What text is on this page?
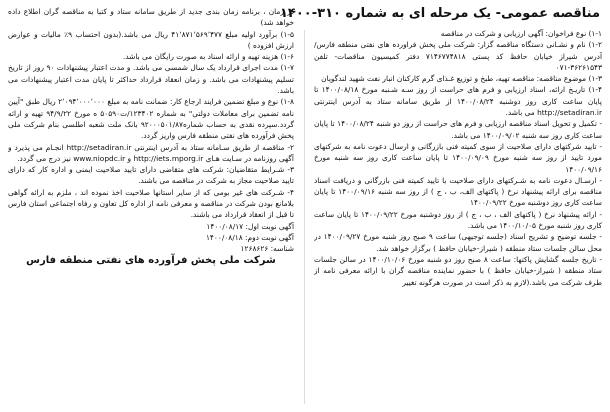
مناقصه عمومی- یک مرحله ای به شماره ۳۱۰-۱۴۰۰

۱-۱) نوع فراخوان: آگهی ارزیابی و شرکت در مناقصه

۱-۲) نام و نشـانی دستگاه مناقصه گزار: شرکت ملی پخش فراورده های نفتی منطقه فارس/آدرس شیراز خیابان حافظ کد پستی ۷۱۴۶۷۷۴۸۱۸ دفتر کمیسیون مناقصات- تلفن ۳۶۲۶۱۵۴۳-۰۷۱

۱-۳) موضوع مناقصه: مناقصه تهیه، طبخ و توزیع غـذای گرم کارکنان انبار نفت شهید لندگویان

۱-۴) تاریـخ ارائه، اسناد ارزیابی و فرم های حراست از روز سـه شـنبه مورخ ۱۴۰۰/۰۸/۱۸ تا پایان ساعت کاری روز دوشنبه ۱۴۰۰/۰۸/۲۴ از طریق سامانه ستاد به آدرس اینترنتی http://setadiran.ir می باشد.

- تکمیل و تحویل اسناد مناقصه ارزیابی و فرم های حراست از روز دو شنبه ۱۴۰۰/۰۸/۲۴ تا پایان ساعت کاری روز سه شنبه ۱۴۰۰/۰۹/۰۲ می باشد.

- تایید شرکتهای دارای صلاحیت از سوی کمیته فنی بازرگانی و ارسال دعوت نامه به شرکتهای مورد تایید از روز سه شنبه مورخ ۱۴۰۰/۰۹/۰۹ تا پایان ساعت کاری روز سه شنبه مورخ ۱۴۰۰/۰۹/۱۶

- ارسـال دعوت نامه به شـرکتهای دارای صلاحیت با تایید کمیته فنی بازرگانی و دریافت اسناد مناقصه برای ارائه پیشنهاد نرخ ( پاکتهای الف، ب ، ج ) از روز سه شنبه ۱۴۰۰/۰۹/۱۶ تا پایان ساعت کاری روز دوشنبه مورخ ۱۴۰۰/۰۹/۲۲

- ارائه پیشنهاد نرخ ( پاکتهای الف ، ب ، ج ) از روز دوشنبه مورخ ۱۴۰۰/۰۹/۲۲ تا پایان ساعت کاری روز شنبه مورخ ۱۴۰۰/۱۰/۰۵ می باشد.

- جلسه توضیح و تشریح اسناد (جلسه توجیهی) ساعت ۹ صبح روز شنبه مورخ ۱۴۰۰/۰۹/۲۷ در محل سالن جلسات ستاد منطقه ( شیراز-خیابان حافظ ) برگزار خواهد شد.

- تاریخ جلسه گشایش پاکتها: ساعت ۸ صبح روز دو شنبه مورخ ۱۴۰۰/۱۰/۰۶ در سالن جلسات ستاد منطقه ( شیراز-خیابان حافظ ) با حضور نماینده مناقصه گران با ارائه معرفی نامه از طرف شرکت می باشد.(لازم به ذکر است در صورت هرگونه تغییر

در زمان ، برنامه زمان بندی جدید از طریق سامانه ستاد و کتبا به مناقصه گران اطلاع داده خواهد شد)

۱-۵) برآورد اولیه مبلغ ۴۱٬۸۷۱٬۵۶۹٬۴۷۷ ریال می باشد.(بدون احتساب ۹٪ مالیات و عوارض ارزش افزوده )

۱-۶) هزینه تهیه و ارائه اسناد به صورت رایگان می باشد.

۱-۷) مدت اجرای قرارداد یک سال شمسی می باشد. و مدت اعتبار پیشنهادات ۹۰ روز از تاریخ تسلیم پیشنهادات می باشد. و زمان انعقاد قرارداد حداکثر تا پایان مدت اعتبار پیشنهادات می باشد.

۱-۸) نوع و مبلغ تضمین فرایند ارجاع کار: ضمانت نامه به مبلغ ۲٬۰۹۴٬۰۰۰٬۰۰۰ ریال طبق "آیین نامه تضمین برای معاملات دولتی" به شماره ۱۲۳۴۰۲/ت۵۰۵۹۰ ه مورخ ۹۴/۹/۲۲ تهیه و ارائه گردد.سپرده نقدی به حساب شماره۹۲۰۰۰۵۰۱/۸۷ بانک ملت شعبه اطلسی بنام شرکت ملی پخش فرآورده های نفتی منطقه فارس واریز گردد.

۲- مناقصه از طریق سـامانه ستاد به آدرس اینترنتی http://setadiran.ir انجـام می پذیرد و آگهی روزنامه در سـایت هـای http://iets.mporg.ir و www.niopdc.ir نیز درج می گردد.

۳- شـرایط متقاضیان: شرکت های متقاضی دارای تایید صلاحیت ایمنی و اداره کار که دارای تایید صلاحیت مجاز به شرکت در مناقصه می باشند.

۴- شـرکت های غیر بومی که از سایر استانها صلاحیت اخذ نموده اند ، ملزم به ارائه گواهی بلامانع بودن شرکت در مناقصه و معرفی نامه از اداره کل تعاون و رفاه اجتماعی استان فارس تا قبل از انعقاد قرارداد می باشند.

آگهی نوبت اول: ۱۴۰۰/۰۸/۱۷

آگهی نوبت دوم: ۱۴۰۰/۰۸/۱۸

شناسه: ۱۲۶۸۶۲۶

شرکت ملی پخش فرآورده های نفتی منطقه فارس
